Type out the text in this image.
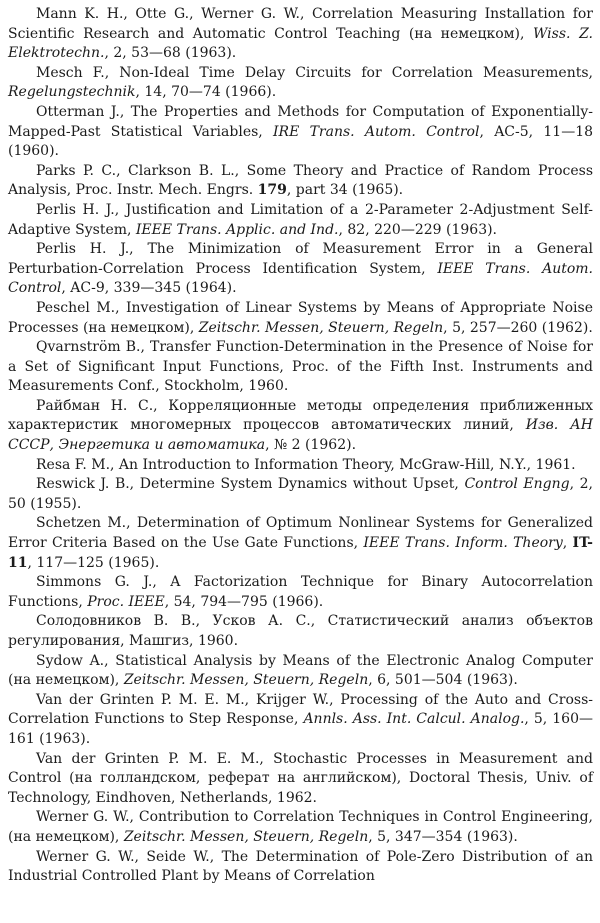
Mann K. H., Otte G., Werner G. W., Correlation Measuring Installation for Scientific Research and Automatic Control Teaching (на немецком), Wiss. Z. Elektrotechn., 2, 53—68 (1963).

Mesch F., Non-Ideal Time Delay Circuits for Correlation Measurements, Regelungstechnik, 14, 70—74 (1966).

Otterman J., The Properties and Methods for Computation of Exponentially-Mapped-Past Statistical Variables, IRE Trans. Autom. Control, AC-5, 11—18 (1960).

Parks P. C., Clarkson B. L., Some Theory and Practice of Random Process Analysis, Proc. Instr. Mech. Engrs. 179, part 34 (1965).

Perlis H. J., Justification and Limitation of a 2-Parameter 2-Adjustment Self-Adaptive System, IEEE Trans. Applic. and Ind., 82, 220—229 (1963).

Perlis H. J., The Minimization of Measurement Error in a General Perturbation-Correlation Process Identification System, IEEE Trans. Autom. Control, AC-9, 339—345 (1964).

Peschel M., Investigation of Linear Systems by Means of Appropriate Noise Processes (на немецком), Zeitschr. Messen, Steuern, Regeln, 5, 257—260 (1962).

Qvarnström B., Transfer Function-Determination in the Presence of Noise for a Set of Significant Input Functions, Proc. of the Fifth Inst. Instruments and Measurements Conf., Stockholm, 1960.

Райбман Н. С., Корреляционные методы определения приближенных характеристик многомерных процессов автоматических линий, Изв. АН СССР, Энергетика и автоматика, № 2 (1962).

Resa F. M., An Introduction to Information Theory, McGraw-Hill, N.Y., 1961.

Reswick J. B., Determine System Dynamics without Upset, Control Engng, 2, 50 (1955).

Schetzen M., Determination of Optimum Nonlinear Systems for Generalized Error Criteria Based on the Use Gate Functions, IEEE Trans. Inform. Theory, IT-11, 117—125 (1965).

Simmons G. J., A Factorization Technique for Binary Autocorrelation Functions, Proc. IEEE, 54, 794—795 (1966).

Солодовников В. В., Усков А. С., Статистический анализ объектов регулирования, Машгиз, 1960.

Sydow A., Statistical Analysis by Means of the Electronic Analog Computer (на немецком), Zeitschr. Messen, Steuern, Regeln, 6, 501—504 (1963).

Van der Grinten P. M. E. M., Krijger W., Processing of the Auto and Cross-Correlation Functions to Step Response, Annls. Ass. Int. Calcul. Analog., 5, 160—161 (1963).

Van der Grinten P. M. E. M., Stochastic Processes in Measurement and Control (на голландском, реферат на английском), Doctoral Thesis, Univ. of Technology, Eindhoven, Netherlands, 1962.

Werner G. W., Contribution to Correlation Techniques in Control Engineering, (на немецком), Zeitschr. Messen, Steuern, Regeln, 5, 347—354 (1963).

Werner G. W., Seide W., The Determination of Pole-Zero Distribution of an Industrial Controlled Plant by Means of Correlation
